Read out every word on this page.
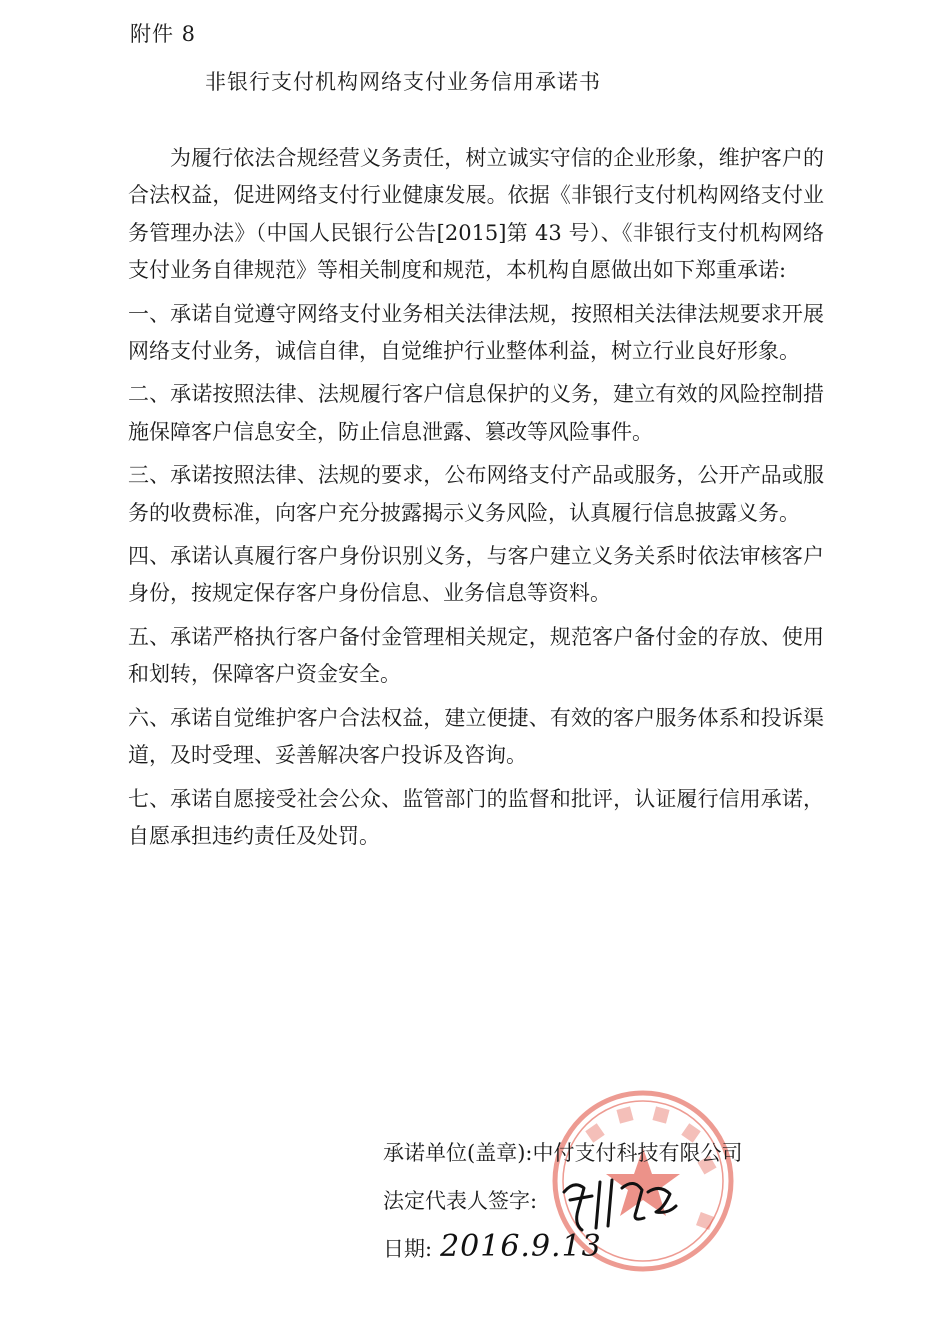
附件 8
非银行支付机构网络支付业务信用承诺书

为履行依法合规经营义务责任，树立诚实守信的企业形象，维护客户的合法权益，促进网络支付行业健康发展。依据《非银行支付机构网络支付业务管理办法》（中国人民银行公告[2015]第 43 号）、《非银行支付机构网络支付业务自律规范》等相关制度和规范，本机构自愿做出如下郑重承诺:

一、承诺自觉遵守网络支付业务相关法律法规，按照相关法律法规要求开展网络支付业务，诚信自律，自觉维护行业整体利益，树立行业良好形象。

二、承诺按照法律、法规履行客户信息保护的义务，建立有效的风险控制措施保障客户信息安全，防止信息泄露、篡改等风险事件。

三、承诺按照法律、法规的要求，公布网络支付产品或服务，公开产品或服务的收费标准，向客户充分披露揭示义务风险，认真履行信息披露义务。

四、承诺认真履行客户身份识别义务，与客户建立义务关系时依法审核客户身份，按规定保存客户身份信息、业务信息等资料。

五、承诺严格执行客户备付金管理相关规定，规范客户备付金的存放、使用和划转，保障客户资金安全。

六、承诺自觉维护客户合法权益，建立便捷、有效的客户服务体系和投诉渠道，及时受理、妥善解决客户投诉及咨询。

七、承诺自愿接受社会公众、监管部门的监督和批评，认证履行信用承诺，自愿承担违约责任及处罚。

承诺单位(盖章):中付支付科技有限公司
法定代表人签字:
日期: 2016.9.13
